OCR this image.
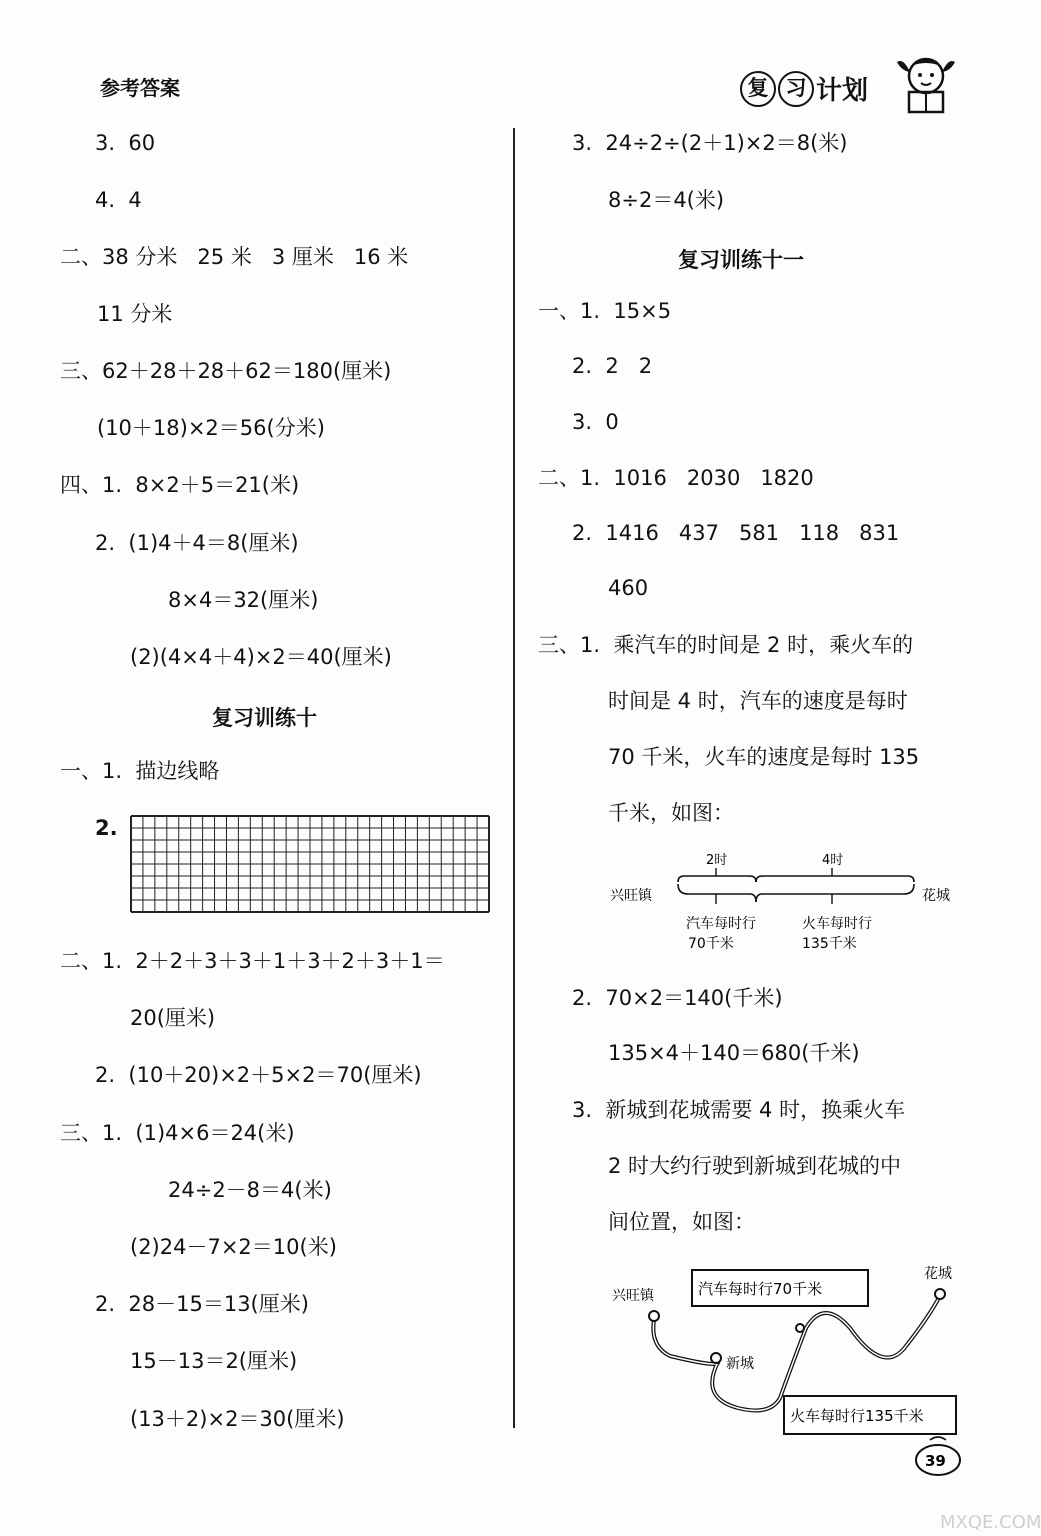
参考答案	复 习 计划
3.  60
4.  4
二、38 分米   25 米   3 厘米   16 米
11 分米
三、62＋28＋28＋62＝180(厘米)
(10＋18)×2＝56(分米)
四、1.  8×2＋5＝21(米)
2.  (1)4＋4＝8(厘米)
8×4＝32(厘米)
(2)(4×4＋4)×2＝40(厘米)
复习训练十
一、1.  描边线略
2.
二、1.  2＋2＋3＋3＋1＋3＋2＋3＋1＝
20(厘米)
2.  (10＋20)×2＋5×2＝70(厘米)
三、1.  (1)4×6＝24(米)
24÷2－8＝4(米)
(2)24－7×2＝10(米)
2.  28－15＝13(厘米)
15－13＝2(厘米)
(13＋2)×2＝30(厘米)
3.  24÷2÷(2＋1)×2＝8(米)
8÷2＝4(米)
复习训练十一
一、1.  15×5
2.  2   2
3.  0
二、1.  1016   2030   1820
2.  1416   437   581   118   831
460
三、1.  乘汽车的时间是 2 时，乘火车的
时间是 4 时，汽车的速度是每时
70 千米，火车的速度是每时 135
千米，如图：
兴旺镇	花城
2时	4时
汽车每时行
70千米
火车每时行
135千米
2.  70×2＝140(千米)
135×4＋140＝680(千米)
3.  新城到花城需要 4 时，换乘火车
2 时大约行驶到新城到花城的中
间位置，如图：
兴旺镇
花城
新城
汽车每时行70千米
火车每时行135千米
39
MXQE.COM
